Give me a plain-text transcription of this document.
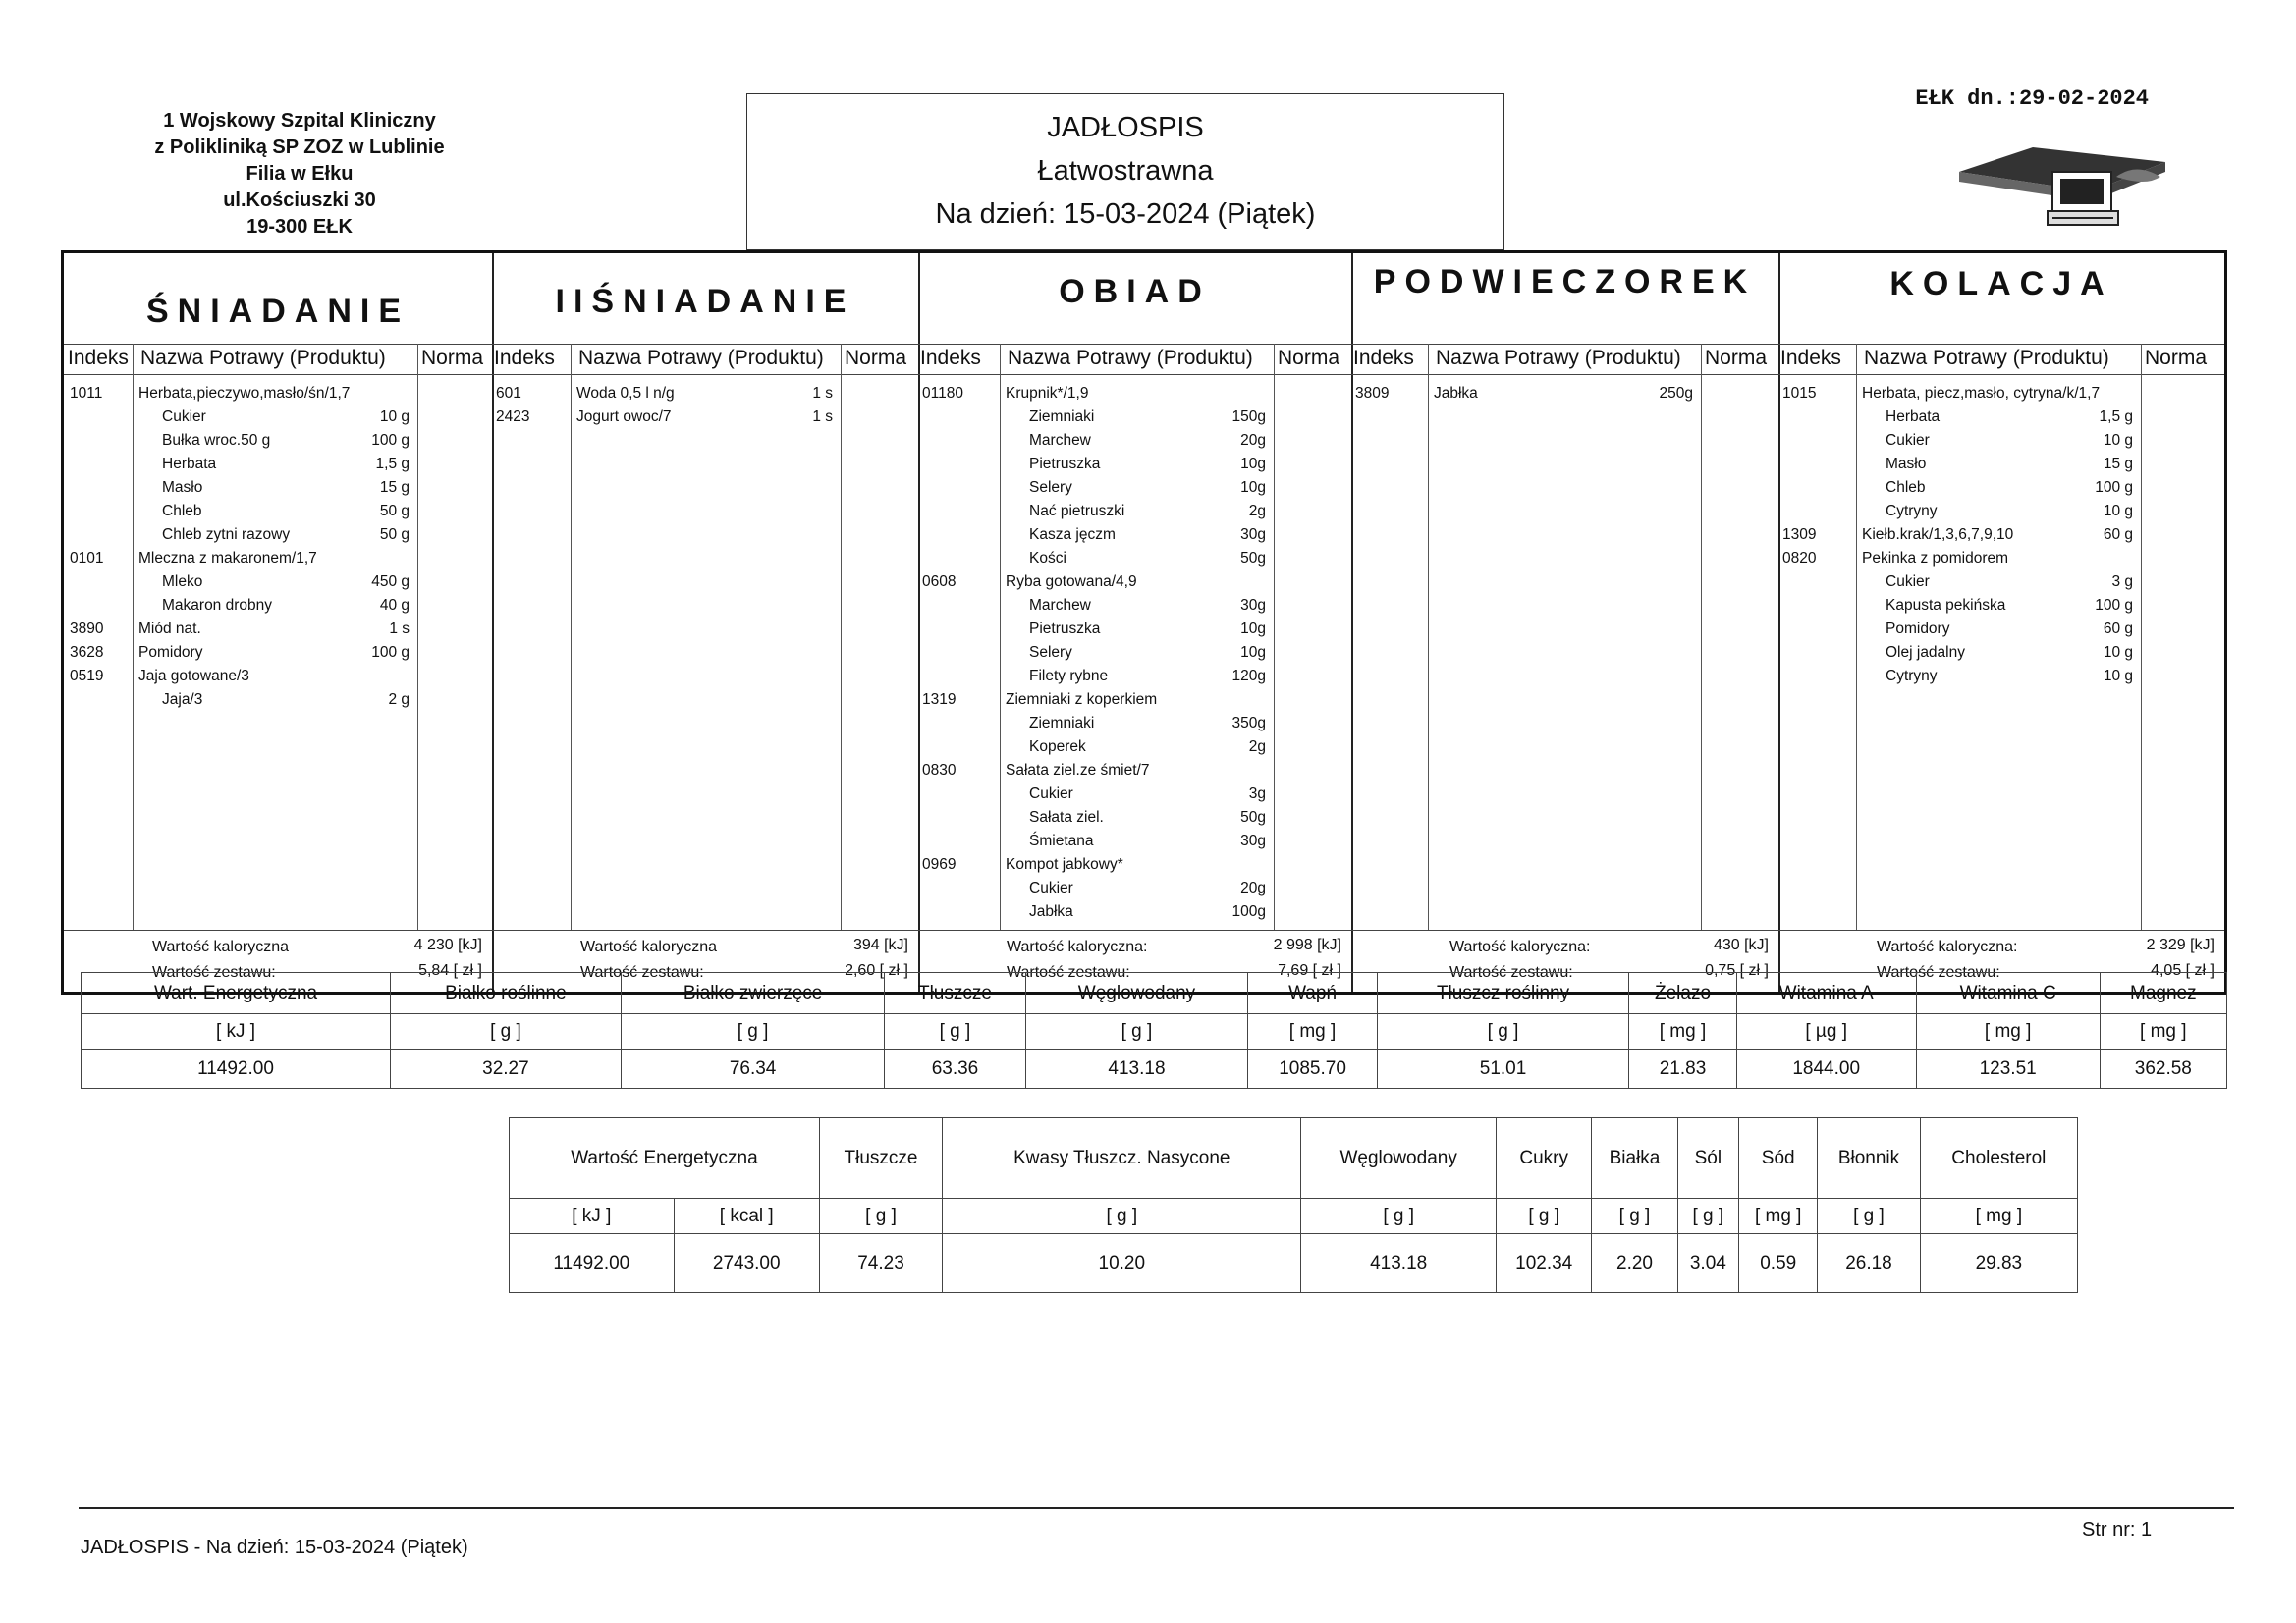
1 Wojskowy Szpital Kliniczny
z Polikliniką SP ZOZ w Lublinie
Filia w Ełku
ul.Kościuszki 30
19-300 EŁK
JADŁOSPIS
Łatwostrawna
Na dzień: 15-03-2024 (Piątek)
EŁK dn.:29-02-2024
ŚNIADANIE
Indeks Nazwa Potrawy (Produktu) Norma
1011 Herbata,pieczywo,masło/śn/1,7
Cukier	10 g
Bułka wroc.50 g	100 g
Herbata	1,5 g
Masło	15 g
Chleb	50 g
Chleb zytni razowy	50 g
0101 Mleczna z makaronem/1,7
Mleko	450 g
Makaron drobny	40 g
3890 Miód nat.	1 s
3628 Pomidory	100 g
0519 Jaja gotowane/3
Jaja/3	2 g
Wartość kaloryczna	4 230 [kJ]
Wartość zestawu:	5,84 [ zł ]
IIŚNIADANIE
Indeks Nazwa Potrawy (Produktu) Norma
601	Woda 0,5 l n/g	1 s
2423	Jogurt owoc/7	1 s
Wartość kaloryczna	394 [kJ]
Wartość zestawu:	2,60 [ zł ]
OBIAD
Indeks Nazwa Potrawy (Produktu) Norma
01180	Krupnik*/1,9
Ziemniaki	150g
Marchew	20g
Pietruszka	10g
Selery	10g
Nać pietruszki	2g
Kasza jęczm	30g
Kości	50g
0608	Ryba gotowana/4,9
Marchew	30g
Pietruszka	10g
Selery	10g
Filety rybne	120g
1319	Ziemniaki z koperkiem
Ziemniaki	350g
Koperek	2g
0830	Sałata ziel.ze śmiet/7
Cukier	3g
Sałata ziel.	50g
Śmietana	30g
0969	Kompot jabkowy*
Cukier	20g
Jabłka	100g
Wartość kaloryczna:	2 998 [kJ]
Wartość zestawu:	7,69 [ zł ]
PODWIECZOREK
Indeks Nazwa Potrawy (Produktu) Norma
3809	Jabłka	250g
Wartość kaloryczna:	430 [kJ]
Wartość zestawu:	0,75 [ zł ]
KOLACJA
Indeks Nazwa Potrawy (Produktu) Norma
1015	Herbata, piecz,masło, cytryna/k/1,7
Herbata	1,5 g
Cukier	10 g
Masło	15 g
Chleb	100 g
Cytryny	10 g
1309	Kiełb.krak/1,3,6,7,9,10	60 g
0820	Pekinka z pomidorem
Cukier	3 g
Kapusta pekińska	100 g
Pomidory	60 g
Olej jadalny	10 g
Cytryny	10 g
Wartość kaloryczna:	2 329 [kJ]
Wartość zestawu:	4,05 [ zł ]
Wart. Energetyczna	Białko roślinne	Białko zwierzęce	Tłuszcze	Węglowodany	Wapń	Tłuszcz roślinny	Żelazo	Witamina A	Witamina C	Magnez
[ kJ ]	[ g ]	[ g ]	[ g ]	[ g ]	[ mg ]	[ g ]	[ mg ]	[ µg ]	[ mg ]	[ mg ]
11492.00	32.27	76.34	63.36	413.18	1085.70	51.01	21.83	1844.00	123.51	362.58
Wartość Energetyczna		Tłuszcze	Kwasy Tłuszcz. Nasycone	Węglowodany	Cukry	Białka	Sól	Sód	Błonnik	Cholesterol
[ kJ ]	[ kcal ]	[ g ]	[ g ]	[ g ]	[ g ]	[ g ]	[ g ]	[ mg ]	[ g ]	[ mg ]
11492.00	2743.00	74.23	10.20	413.18	102.34	2.20	3.04	0.59	26.18	29.83
JADŁOSPIS - Na dzień: 15-03-2024 (Piątek)
Str nr: 1
